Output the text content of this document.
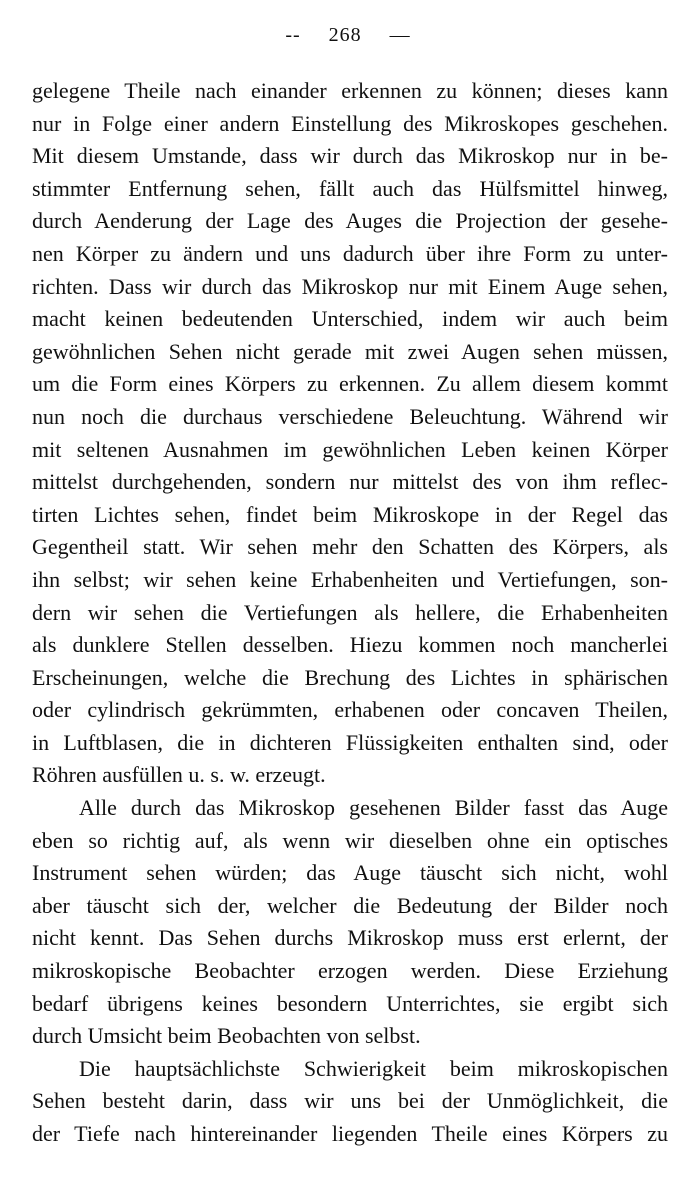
-- 268 —
gelegene Theile nach einander erkennen zu können; dieses kann
nur in Folge einer andern Einstellung des Mikroskopes geschehen.
Mit diesem Umstande, dass wir durch das Mikroskop nur in be-
stimmter Entfernung sehen, fällt auch das Hülfsmittel hinweg,
durch Aenderung der Lage des Auges die Projection der gesehe-
nen Körper zu ändern und uns dadurch über ihre Form zu unter-
richten. Dass wir durch das Mikroskop nur mit Einem Auge sehen,
macht keinen bedeutenden Unterschied, indem wir auch beim
gewöhnlichen Sehen nicht gerade mit zwei Augen sehen müssen,
um die Form eines Körpers zu erkennen. Zu allem diesem kommt
nun noch die durchaus verschiedene Beleuchtung. Während wir
mit seltenen Ausnahmen im gewöhnlichen Leben keinen Körper
mittelst durchgehenden, sondern nur mittelst des von ihm reflec-
tirten Lichtes sehen, findet beim Mikroskope in der Regel das
Gegentheil statt. Wir sehen mehr den Schatten des Körpers, als
ihn selbst; wir sehen keine Erhabenheiten und Vertiefungen, son-
dern wir sehen die Vertiefungen als hellere, die Erhabenheiten
als dunklere Stellen desselben. Hiezu kommen noch mancherlei
Erscheinungen, welche die Brechung des Lichtes in sphärischen
oder cylindrisch gekrümmten, erhabenen oder concaven Theilen,
in Luftblasen, die in dichteren Flüssigkeiten enthalten sind, oder
Röhren ausfüllen u. s. w. erzeugt.
Alle durch das Mikroskop gesehenen Bilder fasst das Auge
eben so richtig auf, als wenn wir dieselben ohne ein optisches
Instrument sehen würden; das Auge täuscht sich nicht, wohl
aber täuscht sich der, welcher die Bedeutung der Bilder noch
nicht kennt. Das Sehen durchs Mikroskop muss erst erlernt, der
mikroskopische Beobachter erzogen werden. Diese Erziehung
bedarf übrigens keines besondern Unterrichtes, sie ergibt sich
durch Umsicht beim Beobachten von selbst.
Die hauptsächlichste Schwierigkeit beim mikroskopischen
Sehen besteht darin, dass wir uns bei der Unmöglichkeit, die
der Tiefe nach hintereinander liegenden Theile eines Körpers zu
